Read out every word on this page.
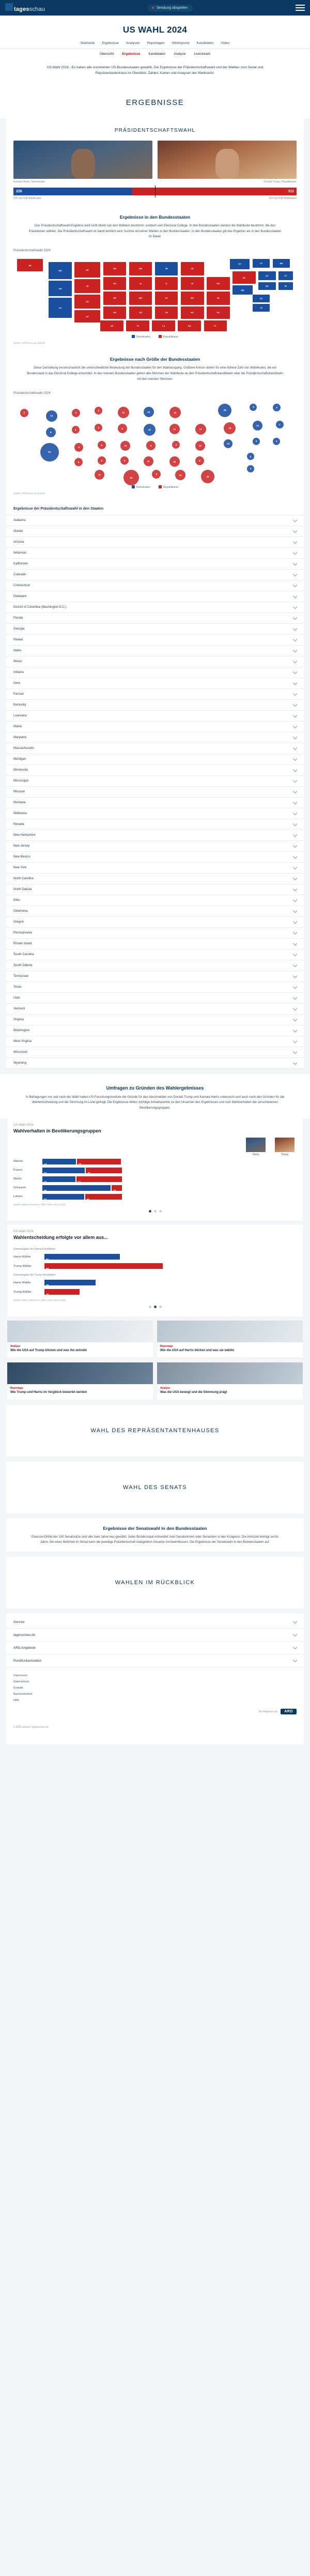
tagesschau	Sendung abspielen
US WAHL 2024
Startseite Ergebnisse Analysen Reportagen Hintergrund Kandidaten Video
Übersicht Ergebnisse Kandidaten Analyse Livestream
US-Wahl 2024 - Es haben alle nominierten US-Bundesstaaten gewählt. Die Ergebnisse der Präsidentschaftswahl und der Wahlen zum Senat und Repräsentantenhaus im Überblick: Zahlen, Karten und Analysen der Wahlnacht.
ERGEBNISSE
PRÄSIDENTSCHAFTSWAHL
Kamala Harris, Demokraten	Donald Trump, Republikaner
226	312
226 von 538 Wahlleuten	312 von 538 Wahlleuten
Ergebnisse in den Bundesstaaten
Das Präsidentschaftswahl-Ergebnis wird nicht direkt von den Wählern bestimmt, sondern vom Electoral College. In den Bundesstaaten werden die Wahlleute bestimmt, die den Präsidenten wählen. Die Präsidentschaftswahl ist damit letztlich eine Summe einzelner Wahlen in den Bundesstaaten. In den Bundesstaaten gilt das Ergebnis als in den Bundesstaaten im Detail.
Präsidentschaftswahl 2024
AK
WA	MT	ND	MN	WI	MI
NY	VT	ME
OR
ID
SD	IA	IL	IN	OH
PA
NJ	CT
CA
NV
NE	MO	KY	WV	VA
MD
DE	RI
UT
KS	AR	TN	NC	SC
AZ	TX	LA	GA	FL
DC
HI
Demokraten	Republikaner
Quelle: AP/Election.ap (Stand:)
Ergebnisse nach Größe der Bundesstaaten
Diese Darstellung veranschaulicht die unterschiedliche Bedeutung der Bundesstaaten für den Wahlausgang. Größere Kreise stehen für eine höhere Zahl von Wahlleuten, die ein Bundesstaat in das Electoral College entsendet. In den meisten Bundesstaaten gehen alle Stimmen der Wahlleute an den Präsidentschaftskandidaten oder die Präsidentschaftskandidatin mit den meisten Stimmen.
Präsidentschaftswahl 2024
3
12
4
3
10	10	15
28
3	4
8
4
3	6	19	11	17	19
14	7
54
6
5	10	8	4	13
10
3	4
6
6	6	11	16	9
11
40
8	16
30
3
4
Demokraten	Republikaner
Quelle: AP/Election.ap (Stand:)
Ergebnisse der Präsidentschaftswahl in den Staaten
Alabama
Alaska
Arizona
Arkansas
Kalifornien
Colorado
Connecticut
Delaware
District of Columbia (Washington D.C.)
Florida
Georgia
Hawaii
Idaho
Illinois
Indiana
Iowa
Kansas
Kentucky
Louisiana
Maine
Maryland
Massachusetts
Michigan
Minnesota
Mississippi
Missouri
Montana
Nebraska
Nevada
New Hampshire
New Jersey
New Mexico
New York
North Carolina
North Dakota
Ohio
Oklahoma
Oregon
Pennsylvania
Rhode Island
South Carolina
South Dakota
Tennessee
Texas
Utah
Vermont
Virginia
Washington
West Virginia
Wisconsin
Wyoming
Umfragen zu Gründen des Wahlergebnisses
In Befragungen vor und nach der Wahl haben US-Forschungsinstitute die Gründe für das Abschneiden von Donald Trump und Kamala Harris untersucht und auch nach den Gründen für die Wahlentscheidung und die Stimmung im Land gefragt. Die Ergebnisse liefern wichtige Anhaltspunkte zu den Ursachen des Ergebnisses und zum Wahlverhalten der verschiedenen Bevölkerungsgruppen.
US-Wahl 2024
Wahlverhalten in Bevölkerungsgruppen
Harris	Trump
Männer
42	55
Frauen
53	45
Weiße
41	57
Schwarze
85	13
Latinos
52	46
Quelle: Edison Research / NEP, Stand: 06.11.2024
US-Wahl 2024
Wahlentscheidung erfolgte vor allem aus...
Stimmabgabe der Harris-Kandidaten
Harris-Wähler
56
Trump-Wähler
88
Stimmabgabe der Trump-Kandidaten
Harris-Wähler
38
Trump-Wähler
26
Quelle: Edison Research / NEP, Stand: 06.11.2024
Analyse
Wie die USA auf Trump blicken und was ihn antreibt
Reportage
Wie die USA auf Harris blicken und was sie wählte
Reportage
Wie Trump und Harris im Vergleich bewertet werden
Analyse
Was die USA bewegt und die Stimmung prägt
WAHL DES REPRÄSENTANTENHAUSES
WAHL DES SENATS
Ergebnisse der Senatswahl in den Bundesstaaten
Etwa ein Drittel der 100 Senatssitze sind alle zwei Jahre neu gewählt. Jeder Bundesstaat entsendet zwei Senatorinnen oder Senatoren in den Kongress. Die Amtszeit beträgt sechs Jahre. Bei einer Mehrheit im Senat kann die jeweilige Präsidentschaft maßgeblich Gesetze mit beeinflussen. Die Ergebnisse der Senatswahl in den Bundesstaaten auf.
WAHLEN IM RÜCKBLICK
Service
tagesschau.de
ARD Angebote
Rundfunkanstalten
Impressum
Datenschutz
Kontakt
Barrierefreiheit
Hilfe
Ein Angebot von	ARD
© ARD-aktuell / tagesschau.de
